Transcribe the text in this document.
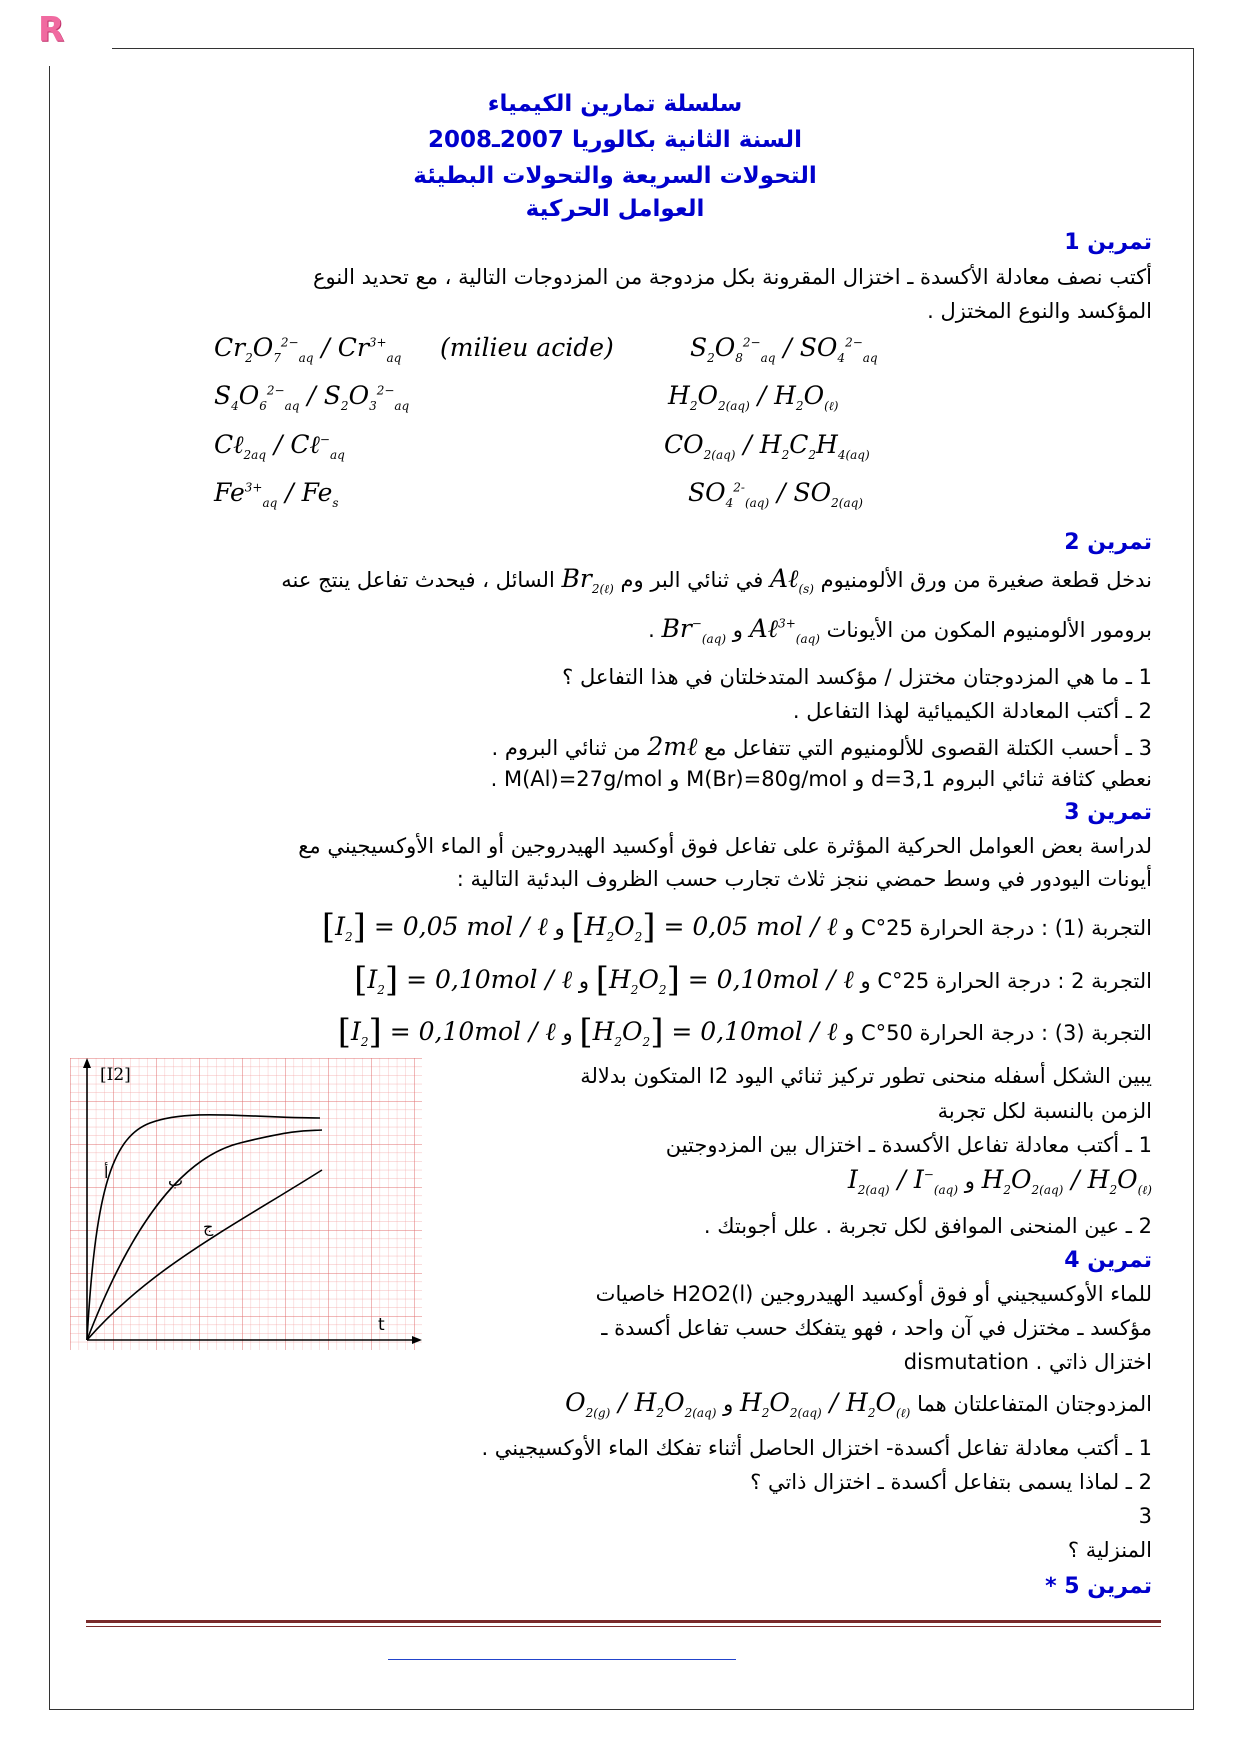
R
سلسلة تمارين الكيمياء
السنة الثانية بكالوريا 2007ـ2008
التحولات السريعة والتحولات البطيئة
العوامل الحركية
تمرين 1
أكتب نصف معادلة الأكسدة ـ اختزال المقرونة بكل مزدوجة من المزدوجات التالية ، مع تحديد النوع
المؤكسد والنوع المختزل .
$Cr_2O_7^{2-}_{aq} / Cr^{3+}_{aq}$ (milieu acide)	$S_2O_8^{2-}_{aq} / SO_4^{2-}_{aq}$
$S_4O_6^{2-}_{aq} / S_2O_3^{2-}_{aq}$	$H_2O_{2(aq)} / H_2O_{(\ell)}$
Cℓ$_{2aq}$ / Cℓ−$_{aq}$	$CO_{2(aq)} / H_2C_2H_{4(aq)}$
$Fe^{3+}_{aq} / Fe_s$	$SO_4^{2-}_{(aq)} / SO_{2(aq)}$
تمرين 2
ندخل قطعة صغيرة من ورق الألومنيوم Aℓ$_{(s)}$ في ثنائي البر وم $Br_{2(\ell)}$ السائل ، فيحدث تفاعل ينتج عنه
برومور الألومنيوم المكون من الأيونات Aℓ$^{3+}_{(aq)}$ و $Br^-_{(aq)}$ .
1 ـ ما هي المزدوجتان مختزل / مؤكسد المتدخلتان في هذا التفاعل ؟
2 ـ أكتب المعادلة الكيميائية لهذا التفاعل .
3 ـ أحسب الكتلة القصوى للألومنيوم التي تتفاعل مع 2mℓ من ثنائي البروم .
نعطي كثافة ثنائي البروم d=3,1 و M(Br)=80g/mol و M(Al)=27g/mol .
تمرين 3
لدراسة بعض العوامل الحركية المؤثرة على تفاعل فوق أوكسيد الهيدروجين أو الماء الأوكسيجيني مع
أيونات اليودور في وسط حمضي ننجز ثلاث تجارب حسب الظروف البدئية التالية :
التجربة (1) : درجة الحرارة 25°C و $[H_2O_2] = 0,05$ mol / ℓ و $[I_2] = 0,05$ mol / ℓ
التجربة 2 : درجة الحرارة 25°C و $[H_2O_2] = 0,10mol$ / ℓ و $[I_2] = 0,10mol$ / ℓ
التجربة (3) : درجة الحرارة 50°C و $[H_2O_2] = 0,10mol$ / ℓ و $[I_2] = 0,10mol$ / ℓ
[I2]
t
أ	ب
ج
يبين الشكل أسفله منحنى تطور تركيز ثنائي اليود I2 المتكون بدلالة
الزمن بالنسبة لكل تجربة
1 ـ أكتب معادلة تفاعل الأكسدة ـ اختزال بين المزدوجتين
$H_2O_{2(aq)} / H_2O_{(\ell)}$ و $I_{2(aq)} / I^-_{(aq)}$
2 ـ عين المنحنى الموافق لكل تجربة . علل أجوبتك .
تمرين 4
للماء الأوكسيجيني أو فوق أوكسيد الهيدروجين H2O2(l) خاصيات
مؤكسد ـ مختزل في آن واحد ، فهو يتفكك حسب تفاعل أكسدة ـ
اختزال ذاتي . dismutation
المزدوجتان المتفاعلتان هما $H_2O_{2(aq)} / H_2O_{(\ell)}$ و $O_{2(g)} / H_2O_{2(aq)}$
1 ـ أكتب معادلة تفاعل أكسدة- اختزال الحاصل أثناء تفكك الماء الأوكسيجيني .
2 ـ لماذا يسمى بتفاعل أكسدة ـ اختزال ذاتي ؟
3
المنزلية ؟
تمرين 5 *
